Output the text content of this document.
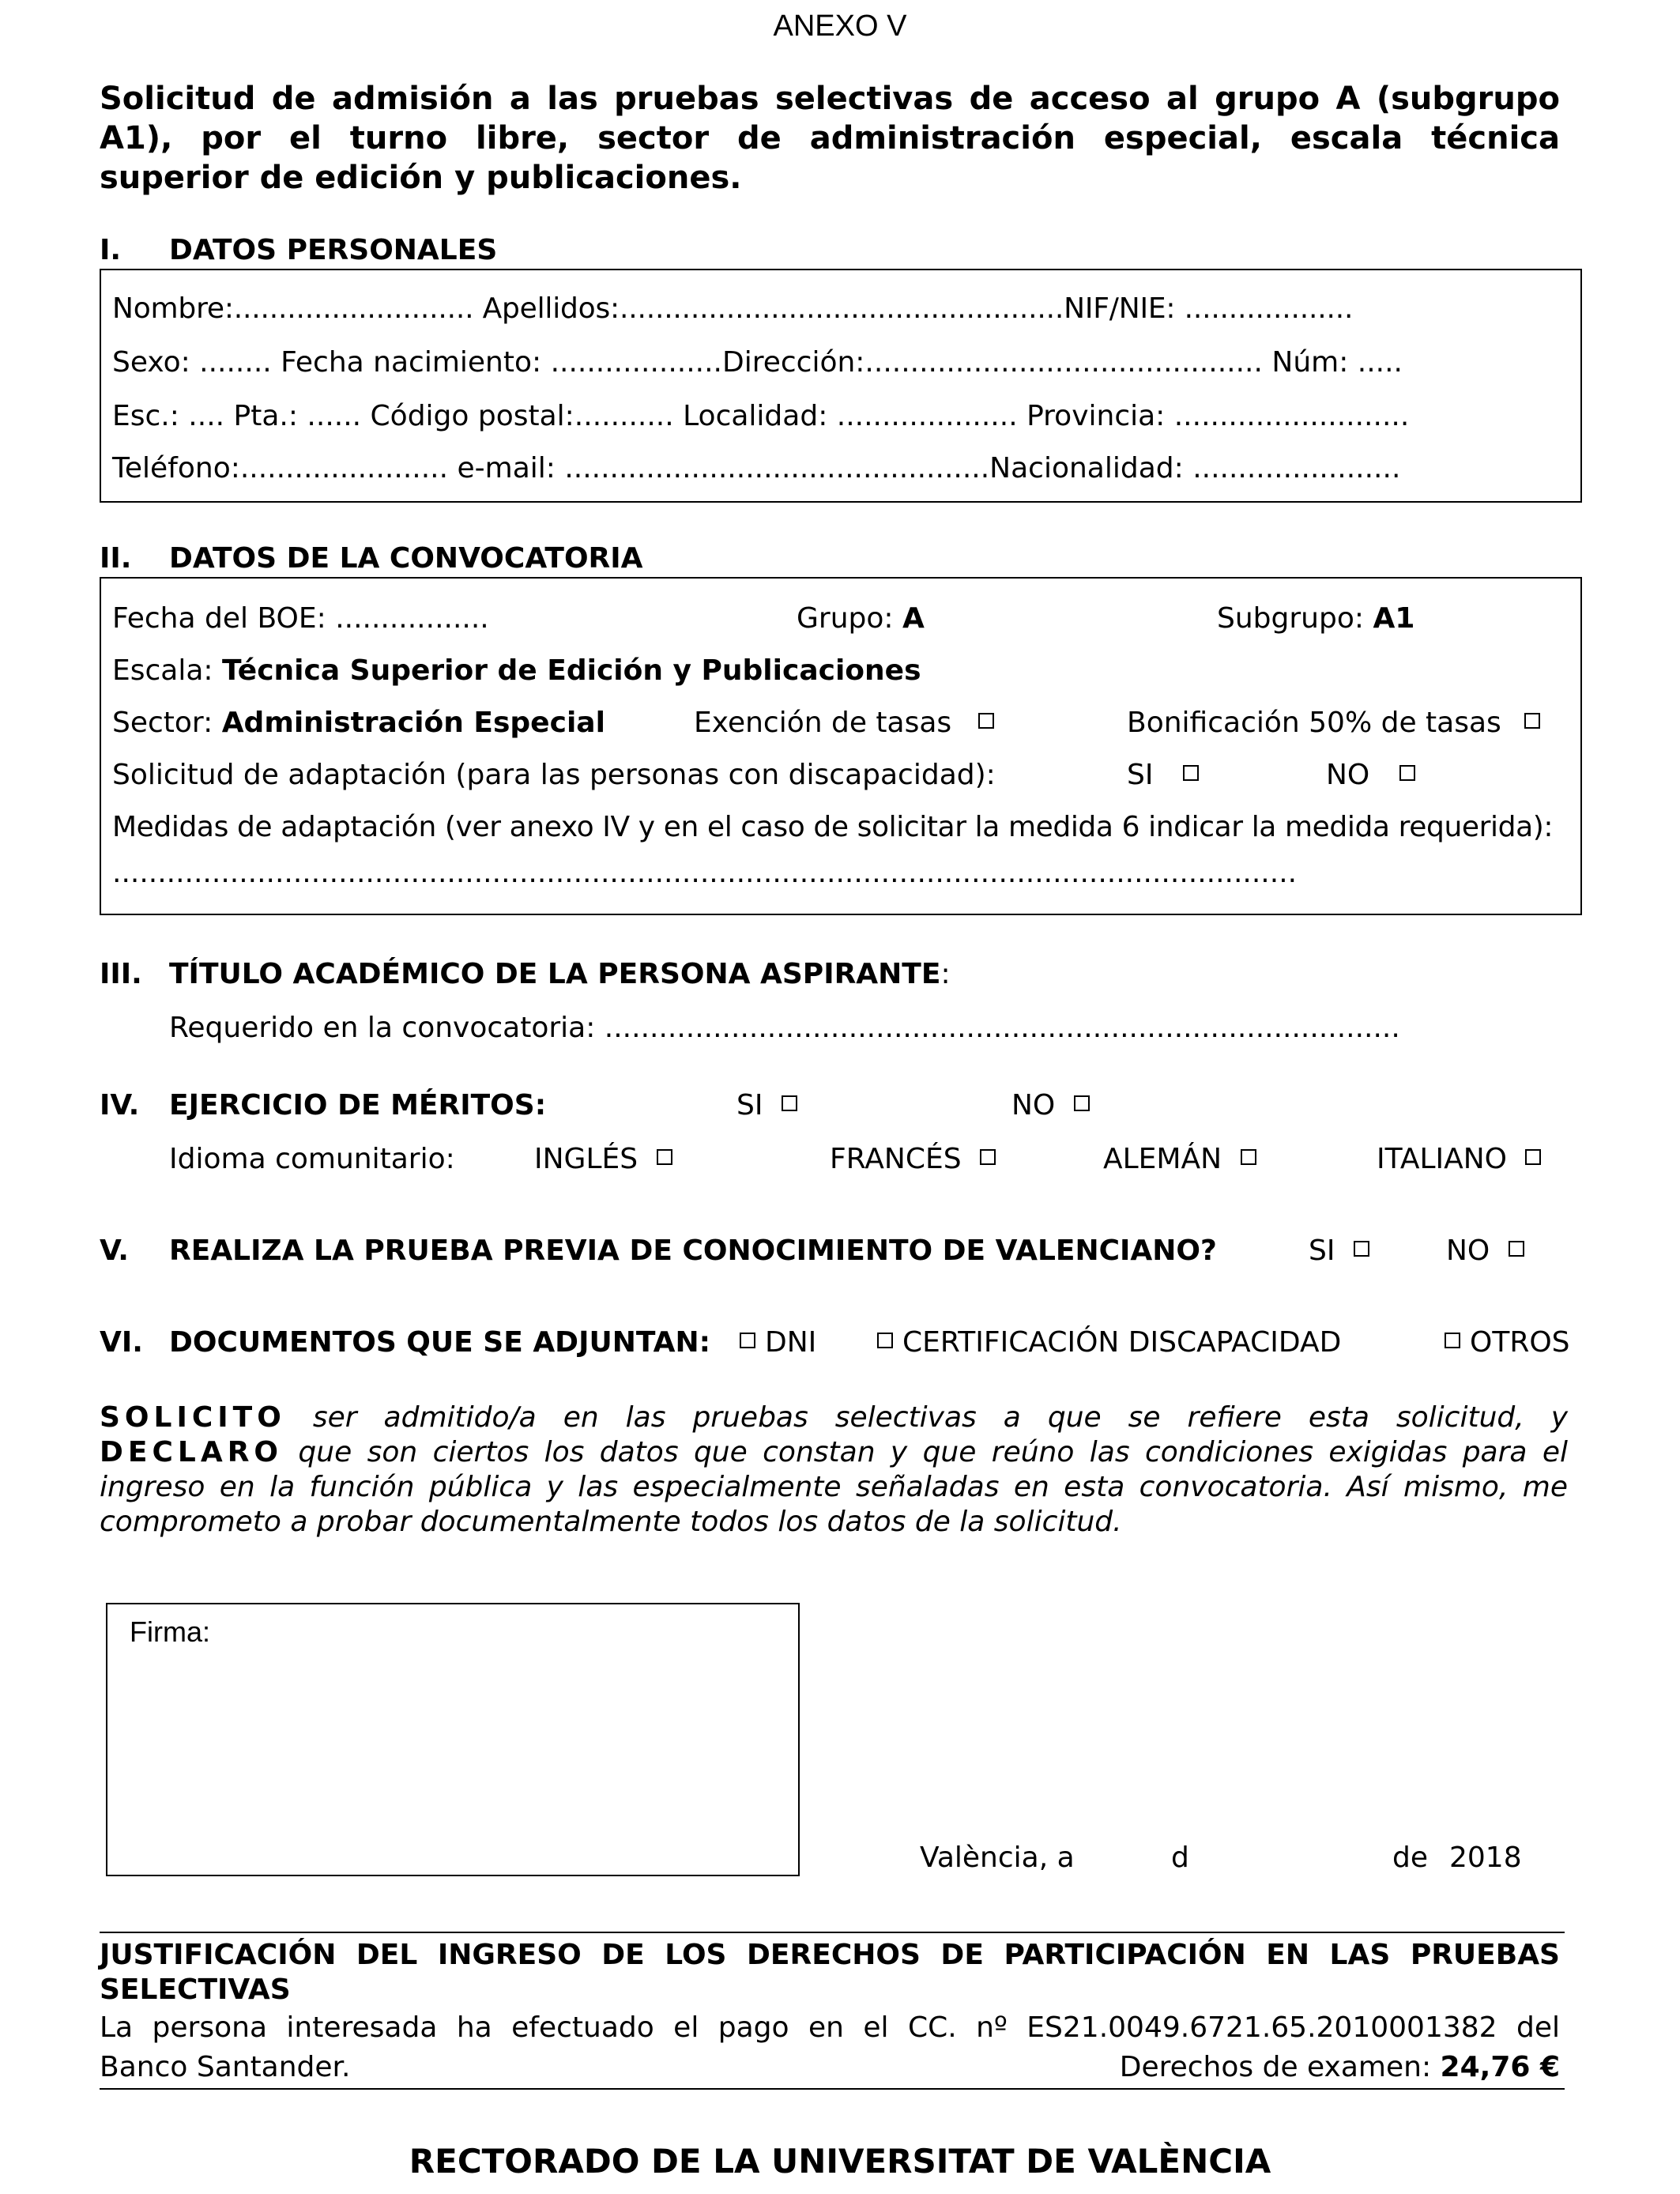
ANEXO V
Solicitud de admisión a las pruebas selectivas de acceso al grupo A (subgrupo
A1), por el turno libre, sector de administración especial, escala técnica
superior de edición y publicaciones.
I. DATOS PERSONALES
Nombre:........................... Apellidos:..................................................NIF/NIE: ...................
Sexo: ........ Fecha nacimiento: ...................Dirección:............................................ Núm: .....
Esc.: .... Pta.: ...... Código postal:........... Localidad: .................... Provincia: ..........................
Teléfono:....................... e-mail: ...............................................Nacionalidad: .......................
II. DATOS DE LA CONVOCATORIA
Fecha del BOE: .................	Grupo: A	Subgrupo: A1
Escala: Técnica Superior de Edición y Publicaciones
Sector: Administración Especial	Exención de tasas	Bonificación 50% de tasas
Solicitud de adaptación (para las personas con discapacidad):	SI	NO
Medidas de adaptación (ver anexo IV y en el caso de solicitar la medida 6 indicar la medida requerida):
...................................................................................................................................
III. TÍTULO ACADÉMICO DE LA PERSONA ASPIRANTE:
Requerido en la convocatoria: ........................................................................................
IV. EJERCICIO DE MÉRITOS:	SI	NO
Idioma comunitario:	INGLÉS	FRANCÉS	ALEMÁN	ITALIANO
V. REALIZA LA PRUEBA PREVIA DE CONOCIMIENTO DE VALENCIANO?	SI	NO
VI. DOCUMENTOS QUE SE ADJUNTAN:	DNI	CERTIFICACIÓN DISCAPACIDAD	OTROS
SOLICITO ser admitido/a en las pruebas selectivas a que se refiere esta solicitud, y
DECLARO que son ciertos los datos que constan y que reúno las condiciones exigidas para el
ingreso en la función pública y las especialmente señaladas en esta convocatoria. Así mismo, me
comprometo a probar documentalmente todos los datos de la solicitud.
Firma:
València, a	d	de 2018
JUSTIFICACIÓN DEL INGRESO DE LOS DERECHOS DE PARTICIPACIÓN EN LAS PRUEBAS
SELECTIVAS
La persona interesada ha efectuado el pago en el CC. nº ES21.0049.6721.65.2010001382 del
Banco Santander.	Derechos de examen: 24,76 €
RECTORADO DE LA UNIVERSITAT DE VALÈNCIA
